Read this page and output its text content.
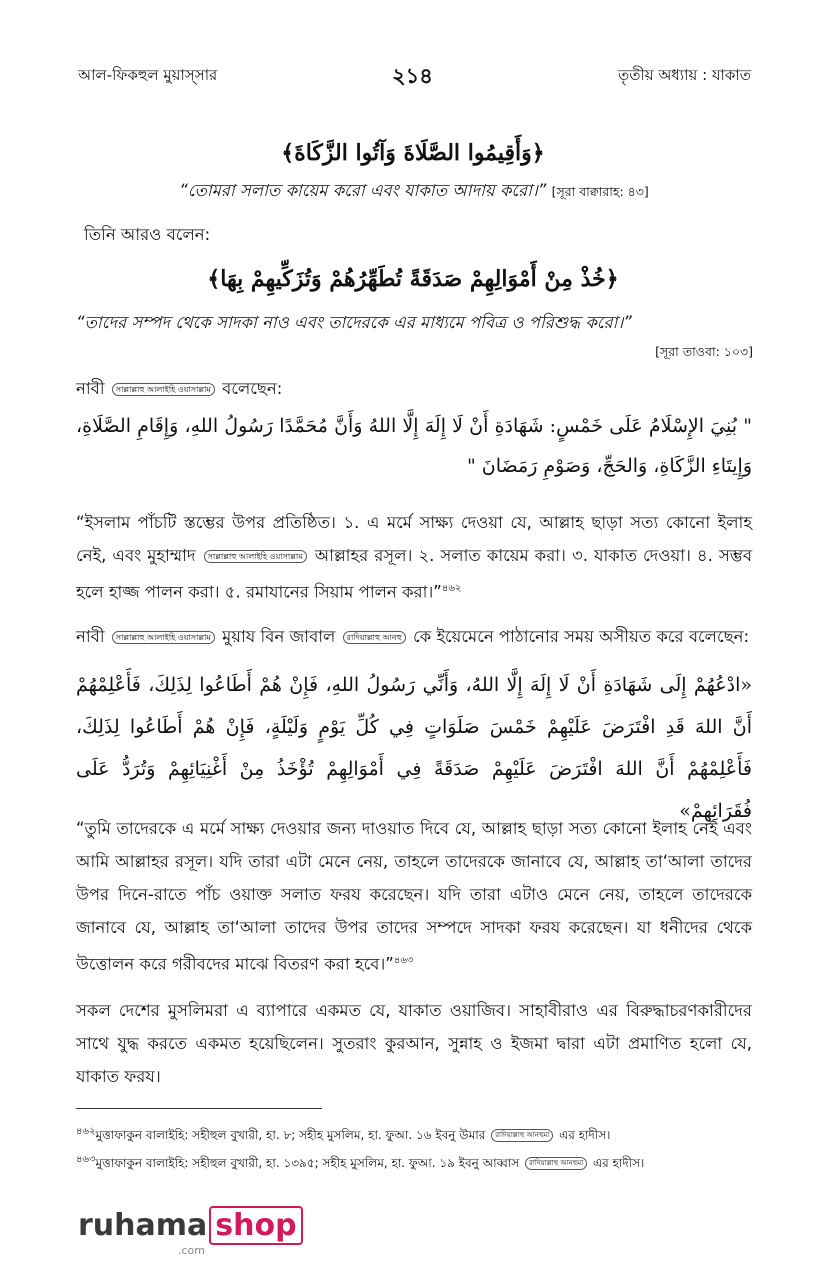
আল-ফিকহুল মুয়াস্সার	২১৪	তৃতীয় অধ্যায় : যাকাত
﴿وَأَقِيمُوا الصَّلَاةَ وَآتُوا الزَّكَاةَ﴾
“তোমরা সলাত কায়েম করো এবং যাকাত আদায় করো।” [সূরা বাক্বারাহ: ৪৩]
তিনি আরও বলেন:
﴿خُذْ مِنْ أَمْوَالِهِمْ صَدَقَةً تُطَهِّرُهُمْ وَتُزَكِّيهِمْ بِهَا﴾
“তাদের সম্পদ থেকে সাদকা নাও এবং তাদেরকে এর মাধ্যমে পবিত্র ও পরিশুদ্ধ করো।”
[সূরা তাওবা: ১০৩]
নাবী সাল্লাল্লাহু আলাইহি ওয়াসাল্লাম বলেছেন:
" بُنِيَ الإِسْلَامُ عَلَى خَمْسٍ: شَهَادَةِ أَنْ لَا إِلَهَ إِلَّا اللهُ وَأَنَّ مُحَمَّدًا رَسُولُ اللهِ، وَإِقَامِ الصَّلَاةِ، وَإِيتَاءِ الزَّكَاةِ، وَالحَجِّ، وَصَوْمِ رَمَضَانَ "
“ইসলাম পাঁচটি স্তম্ভের উপর প্রতিষ্ঠিত। ১. এ মর্মে সাক্ষ্য দেওয়া যে, আল্লাহ ছাড়া সত্য কোনো ইলাহ নেই, এবং মুহাম্মাদ সাল্লাল্লাহু আলাইহি ওয়াসাল্লাম আল্লাহর রসূল। ২. সলাত কায়েম করা। ৩. যাকাত দেওয়া। ৪. সম্ভব হলে হাজ্জ পালন করা। ৫. রমাযানের সিয়াম পালন করা।”$^{৪৬২}$
নাবী সাল্লাল্লাহু আলাইহি ওয়াসাল্লাম মুয়ায বিন জাবাল রাদিয়াল্লাহু আনহু কে ইয়েমেনে পাঠানোর সময় অসীয়ত করে বলেছেন:
«ادْعُهُمْ إِلَى شَهَادَةِ أَنْ لَا إِلَهَ إِلَّا اللهُ، وَأَنِّي رَسُولُ اللهِ، فَإِنْ هُمْ أَطَاعُوا لِذَلِكَ، فَأَعْلِمْهُمْ أَنَّ اللهَ قَدِ افْتَرَضَ عَلَيْهِمْ خَمْسَ صَلَوَاتٍ فِي كُلِّ يَوْمٍ وَلَيْلَةٍ، فَإِنْ هُمْ أَطَاعُوا لِذَلِكَ، فَأَعْلِمْهُمْ أَنَّ اللهَ افْتَرَضَ عَلَيْهِمْ صَدَقَةً فِي أَمْوَالِهِمْ تُؤْخَذُ مِنْ أَغْنِيَائِهِمْ وَتُرَدُّ عَلَى فُقَرَائِهِمْ»
“তুমি তাদেরকে এ মর্মে সাক্ষ্য দেওয়ার জন্য দাওয়াত দিবে যে, আল্লাহ ছাড়া সত্য কোনো ইলাহ নেই এবং আমি আল্লাহর রসূল। যদি তারা এটা মেনে নেয়, তাহলে তাদেরকে জানাবে যে, আল্লাহ তা‘আলা তাদের উপর দিনে-রাতে পাঁচ ওয়াক্ত সলাত ফরয করেছেন। যদি তারা এটাও মেনে নেয়, তাহলে তাদেরকে জানাবে যে, আল্লাহ তা‘আলা তাদের উপর তাদের সম্পদে সাদকা ফরয করেছেন। যা ধনীদের থেকে উত্তোলন করে গরীবদের মাঝে বিতরণ করা হবে।”$^{৪৬৩}$
সকল দেশের মুসলিমরা এ ব্যাপারে একমত যে, যাকাত ওয়াজিব। সাহাবীরাও এর বিরুদ্ধাচরণকারীদের সাথে যুদ্ধ করতে একমত হয়েছিলেন। সুতরাং কুরআন, সুন্নাহ ও ইজমা দ্বারা এটা প্রমাণিত হলো যে, যাকাত ফরয।
$^{৪৬২}$মুত্তাফাকুন বালাইহি: সহীহুল বুখারী, হা. ৮; সহীহ মুসলিম, হা. ফুআ. ১৬ ইবনু উমার রাদিয়াল্লাহু আনহুমা এর হাদীস।
$^{৪৬৩}$মুত্তাফাকুন বালাইহি: সহীহুল বুখারী, হা. ১৩৯৫; সহীহ মুসলিম, হা. ফুআ. ১৯ ইবনু আব্বাস রাদিয়াল্লাহু আনহুমা এর হাদীস।
ruhama shop
.com
